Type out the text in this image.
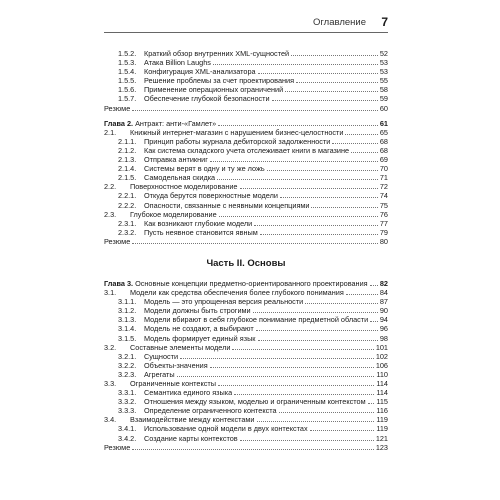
Оглавление 7
1.5.2. Краткий обзор внутренних XML-сущностей	52
1.5.3. Атака Billion Laughs	53
1.5.4. Конфигурация XML-анализатора	53
1.5.5. Решение проблемы за счет проектирования	55
1.5.6. Применение операционных ограничений	58
1.5.7. Обеспечение глубокой безопасности	59
Резюме	60
Глава 2. Антракт: анти-«Гамлет»	61
2.1.	Книжный интернет-магазин с нарушением бизнес-целостности	65
2.1.1. Принцип работы журнала дебиторской задолженности	68
2.1.2. Как система складского учета отслеживает книги в магазине	68
2.1.3. Отправка антикниг	69
2.1.4. Системы верят в одну и ту же ложь	70
2.1.5. Самодельная скидка	71
2.2.	Поверхностное моделирование	72
2.2.1. Откуда берутся поверхностные модели	74
2.2.2. Опасности, связанные с неявными концепциями	75
2.3.	Глубокое моделирование	76
2.3.1. Как возникают глубокие модели	77
2.3.2. Пусть неявное становится явным	79
Резюме	80
Часть II. Основы
Глава 3. Основные концепции предметно-ориентированного проектирования 82
3.1.	Модели как средства обеспечения более глубокого понимания	84
3.1.1. Модель — это упрощенная версия реальности	87
3.1.2. Модели должны быть строгими	90
3.1.3. Модели вбирают в себя глубокое понимание предметной области 94
3.1.4. Модель не создают, а выбирают	96
3.1.5. Модель формирует единый язык	98
3.2.	Составные элементы модели	101
3.2.1. Сущности	102
3.2.2. Объекты-значения	106
3.2.3. Агрегаты	110
3.3.	Ограниченные контексты	114
3.3.1. Семантика единого языка	114
3.3.2. Отношения между языком, моделью и ограниченным контекстом 115
3.3.3. Определение ограниченного контекста	116
3.4.	Взаимодействие между контекстами	119
3.4.1. Использование одной модели в двух контекстах	119
3.4.2. Создание карты контекстов	121
Резюме	123
